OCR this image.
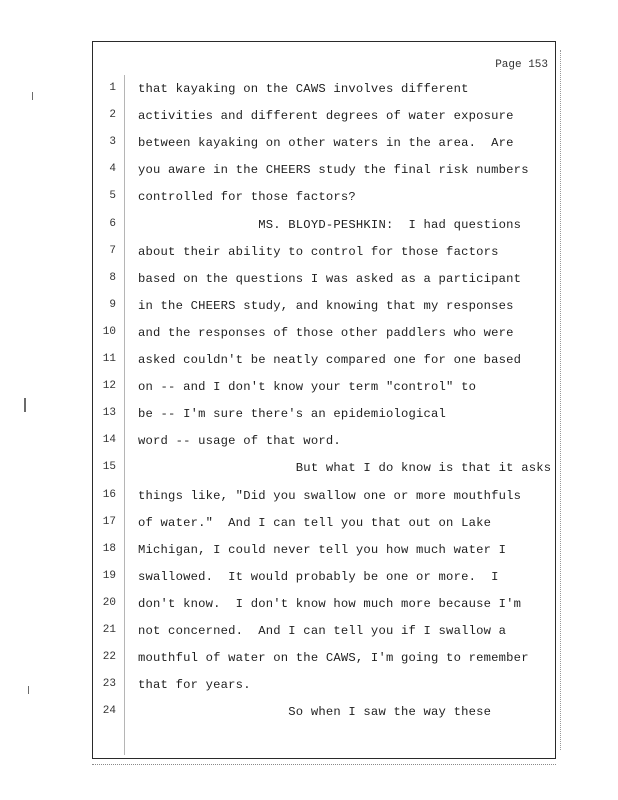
Page 153
1 that kayaking on the CAWS involves different
2 activities and different degrees of water exposure
3 between kayaking on other waters in the area.  Are
4 you aware in the CHEERS study the final risk numbers
5 controlled for those factors?
6 MS. BLOYD-PESHKIN:  I had questions
7 about their ability to control for those factors
8 based on the questions I was asked as a participant
9 in the CHEERS study, and knowing that my responses
10 and the responses of those other paddlers who were
11 asked couldn't be neatly compared one for one based
12 on -- and I don't know your term "control" to
13 be -- I'm sure there's an epidemiological
14 word -- usage of that word.
15 But what I do know is that it asks
16 things like, "Did you swallow one or more mouthfuls
17 of water."  And I can tell you that out on Lake
18 Michigan, I could never tell you how much water I
19 swallowed.  It would probably be one or more.  I
20 don't know.  I don't know how much more because I'm
21 not concerned.  And I can tell you if I swallow a
22 mouthful of water on the CAWS, I'm going to remember
23 that for years.
24 So when I saw the way these
